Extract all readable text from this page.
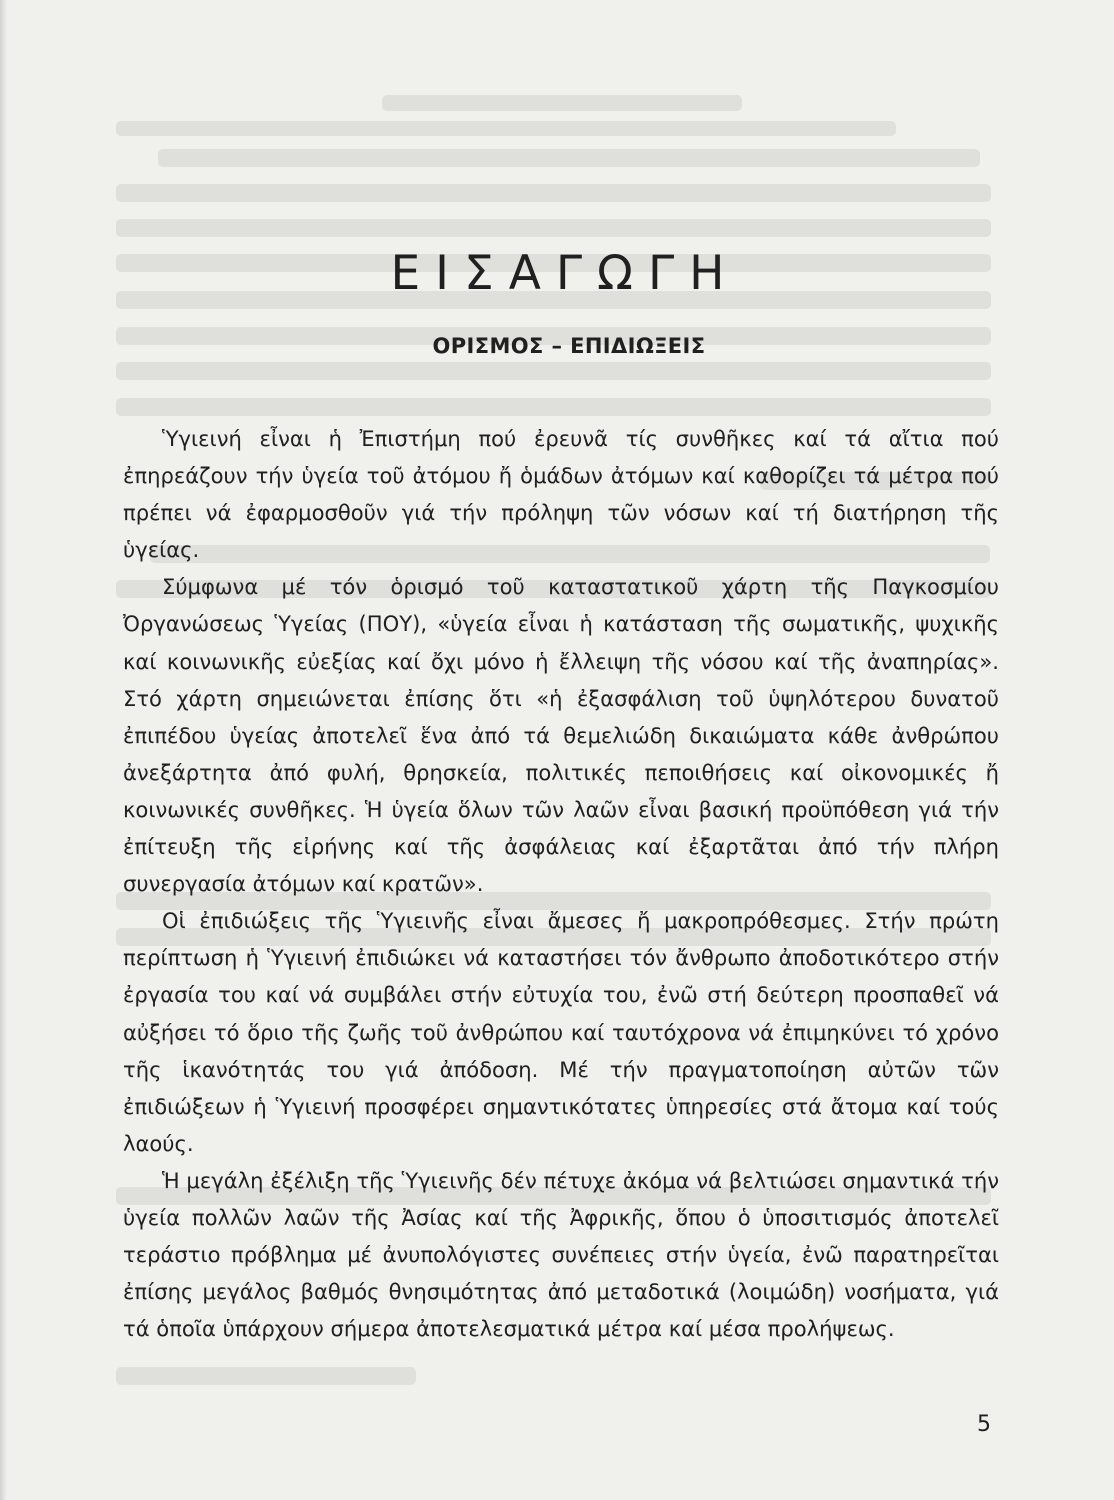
ΕΙΣΑΓΩΓΗ
ΟΡΙΣΜΟΣ – ΕΠΙΔΙΩΞΕΙΣ

Ὑγιεινή εἶναι ἡ Ἐπιστήμη πού ἐρευνᾶ τίς συνθῆκες καί τά αἴτια πού ἐπηρεάζουν τήν ὑγεία τοῦ ἀτόμου ἤ ὁμάδων ἀτόμων καί καθορίζει τά μέτρα πού πρέπει νά ἐφαρμοσθοῦν γιά τήν πρόληψη τῶν νόσων καί τή διατήρηση τῆς ὑγείας.

Σύμφωνα μέ τόν ὁρισμό τοῦ καταστατικοῦ χάρτη τῆς Παγκοσμίου Ὀργανώσεως Ὑγείας (ΠΟΥ), «ὑγεία εἶναι ἡ κατάσταση τῆς σωματικῆς, ψυχικῆς καί κοινωνικῆς εὐεξίας καί ὄχι μόνο ἡ ἔλλειψη τῆς νόσου καί τῆς ἀναπηρίας». Στό χάρτη σημειώνεται ἐπίσης ὅτι «ἡ ἐξασφάλιση τοῦ ὑψηλότερου δυνατοῦ ἐπιπέδου ὑγείας ἀποτελεῖ ἕνα ἀπό τά θεμελιώδη δικαιώματα κάθε ἀνθρώπου ἀνεξάρτητα ἀπό φυλή, θρησκεία, πολιτικές πεποιθήσεις καί οἰκονομικές ἤ κοινωνικές συνθῆκες. Ἡ ὑγεία ὅλων τῶν λαῶν εἶναι βασική προϋπόθεση γιά τήν ἐπίτευξη τῆς εἰρήνης καί τῆς ἀσφάλειας καί ἐξαρτᾶται ἀπό τήν πλήρη συνεργασία ἀτόμων καί κρατῶν».

Οἱ ἐπιδιώξεις τῆς Ὑγιεινῆς εἶναι ἄμεσες ἤ μακροπρόθεσμες. Στήν πρώτη περίπτωση ἡ Ὑγιεινή ἐπιδιώκει νά καταστήσει τόν ἄνθρωπο ἀποδοτικότερο στήν ἐργασία του καί νά συμβάλει στήν εὐτυχία του, ἐνῶ στή δεύτερη προσπαθεῖ νά αὐξήσει τό ὅριο τῆς ζωῆς τοῦ ἀνθρώπου καί ταυτόχρονα νά ἐπιμηκύνει τό χρόνο τῆς ἱκανότητάς του γιά ἀπόδοση. Μέ τήν πραγματοποίηση αὐτῶν τῶν ἐπιδιώξεων ἡ Ὑγιεινή προσφέρει σημαντικότατες ὑπηρεσίες στά ἄτομα καί τούς λαούς.

Ἡ μεγάλη ἐξέλιξη τῆς Ὑγιεινῆς δέν πέτυχε ἀκόμα νά βελτιώσει σημαντικά τήν ὑγεία πολλῶν λαῶν τῆς Ἀσίας καί τῆς Ἀφρικῆς, ὅπου ὁ ὑποσιτισμός ἀποτελεῖ τεράστιο πρόβλημα μέ ἀνυπολόγιστες συνέπειες στήν ὑγεία, ἐνῶ παρατηρεῖται ἐπίσης μεγάλος βαθμός θνησιμότητας ἀπό μεταδοτικά (λοιμώδη) νοσήματα, γιά τά ὁποῖα ὑπάρχουν σήμερα ἀποτελεσματικά μέτρα καί μέσα προλήψεως.

5
